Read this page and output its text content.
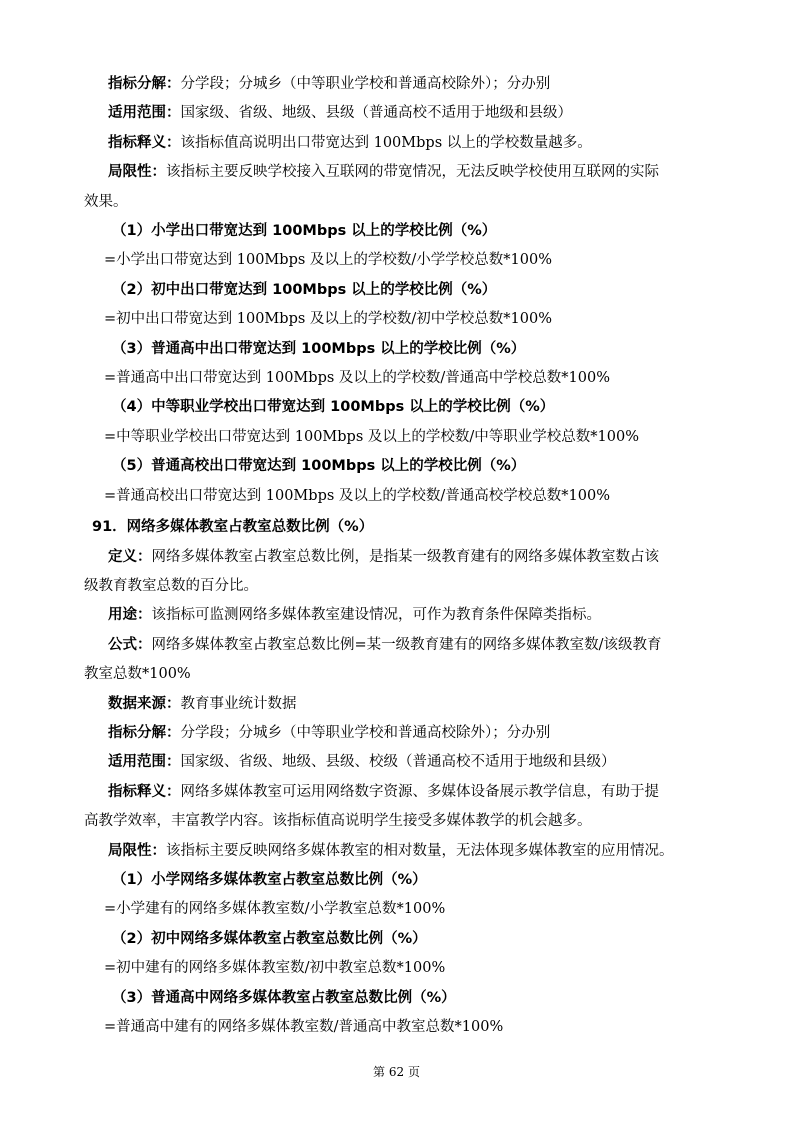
指标分解：分学段；分城乡（中等职业学校和普通高校除外）；分办别

适用范围：国家级、省级、地级、县级（普通高校不适用于地级和县级）

指标释义：该指标值高说明出口带宽达到 100Mbps 以上的学校数量越多。

局限性：该指标主要反映学校接入互联网的带宽情况，无法反映学校使用互联网的实际

效果。

（1）小学出口带宽达到 100Mbps 以上的学校比例（%）

=小学出口带宽达到 100Mbps 及以上的学校数/小学学校总数*100%

（2）初中出口带宽达到 100Mbps 以上的学校比例（%）

=初中出口带宽达到 100Mbps 及以上的学校数/初中学校总数*100%

（3）普通高中出口带宽达到 100Mbps 以上的学校比例（%）

=普通高中出口带宽达到 100Mbps 及以上的学校数/普通高中学校总数*100%

（4）中等职业学校出口带宽达到 100Mbps 以上的学校比例（%）

=中等职业学校出口带宽达到 100Mbps 及以上的学校数/中等职业学校总数*100%

（5）普通高校出口带宽达到 100Mbps 以上的学校比例（%）

=普通高校出口带宽达到 100Mbps 及以上的学校数/普通高校学校总数*100%

91．网络多媒体教室占教室总数比例（%）

定义：网络多媒体教室占教室总数比例，是指某一级教育建有的网络多媒体教室数占该

级教育教室总数的百分比。

用途：该指标可监测网络多媒体教室建设情况，可作为教育条件保障类指标。

公式：网络多媒体教室占教室总数比例=某一级教育建有的网络多媒体教室数/该级教育

教室总数*100%

数据来源：教育事业统计数据

指标分解：分学段；分城乡（中等职业学校和普通高校除外）；分办别

适用范围：国家级、省级、地级、县级、校级（普通高校不适用于地级和县级）

指标释义：网络多媒体教室可运用网络数字资源、多媒体设备展示教学信息，有助于提

高教学效率，丰富教学内容。该指标值高说明学生接受多媒体教学的机会越多。

局限性：该指标主要反映网络多媒体教室的相对数量，无法体现多媒体教室的应用情况。

（1）小学网络多媒体教室占教室总数比例（%）

=小学建有的网络多媒体教室数/小学教室总数*100%

（2）初中网络多媒体教室占教室总数比例（%）

=初中建有的网络多媒体教室数/初中教室总数*100%

（3）普通高中网络多媒体教室占教室总数比例（%）

=普通高中建有的网络多媒体教室数/普通高中教室总数*100%

第 62 页
